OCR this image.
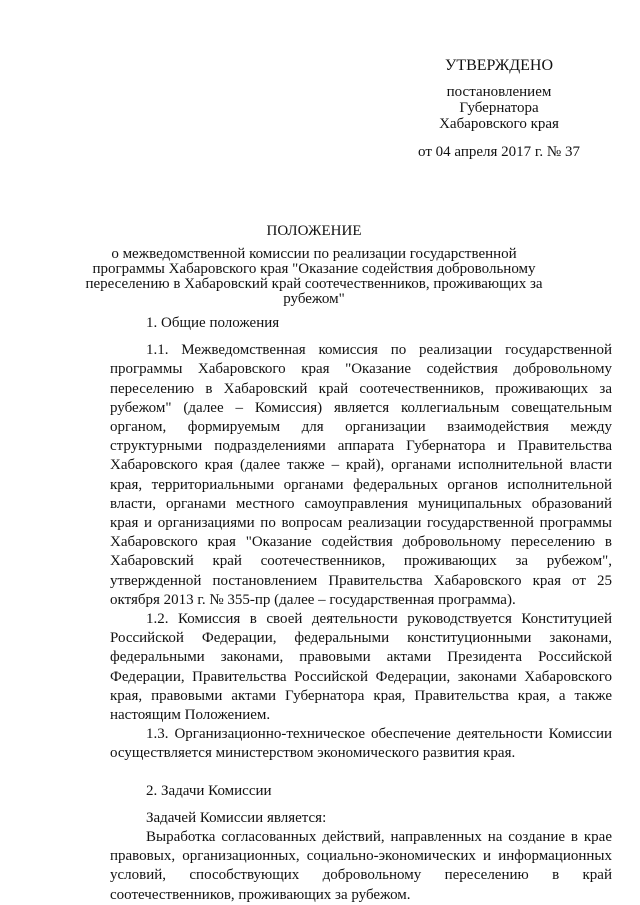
УТВЕРЖДЕНО
постановлением
Губернатора
Хабаровского края
от 04 апреля 2017 г. № 37
ПОЛОЖЕНИЕ
о межведомственной комиссии по реализации государственной программы Хабаровского края "Оказание содействия добровольному переселению в Хабаровский край соотечественников, проживающих за рубежом"
1. Общие положения

1.1. Межведомственная комиссия по реализации государственной программы Хабаровского края "Оказание содействия добровольному переселению в Хабаровский край соотечественников, проживающих за рубежом" (далее – Комиссия) является коллегиальным совещательным органом, формируемым для организации взаимодействия между структурными подразделениями аппарата Губернатора и Правительства Хабаровского края (далее также – край), органами исполнительной власти края, территориальными органами федеральных органов исполнительной власти, органами местного самоуправления муниципальных образований края и организациями по вопросам реализации государственной программы Хабаровского края "Оказание содействия добровольному переселению в Хабаровский край соотечественников, проживающих за рубежом", утвержденной постановлением Правительства Хабаровского края от 25 октября 2013 г. № 355-пр (далее – государственная программа).

1.2. Комиссия в своей деятельности руководствуется Конституцией Российской Федерации, федеральными конституционными законами, федеральными законами, правовыми актами Президента Российской Федерации, Правительства Российской Федерации, законами Хабаровского края, правовыми актами Губернатора края, Правительства края, а также настоящим Положением.

1.3. Организационно-техническое обеспечение деятельности Комиссии осуществляется министерством экономического развития края.

2. Задачи Комиссии

Задачей Комиссии является:

Выработка согласованных действий, направленных на создание в крае правовых, организационных, социально-экономических и информационных условий, способствующих добровольному переселению в край соотечественников, проживающих за рубежом.
